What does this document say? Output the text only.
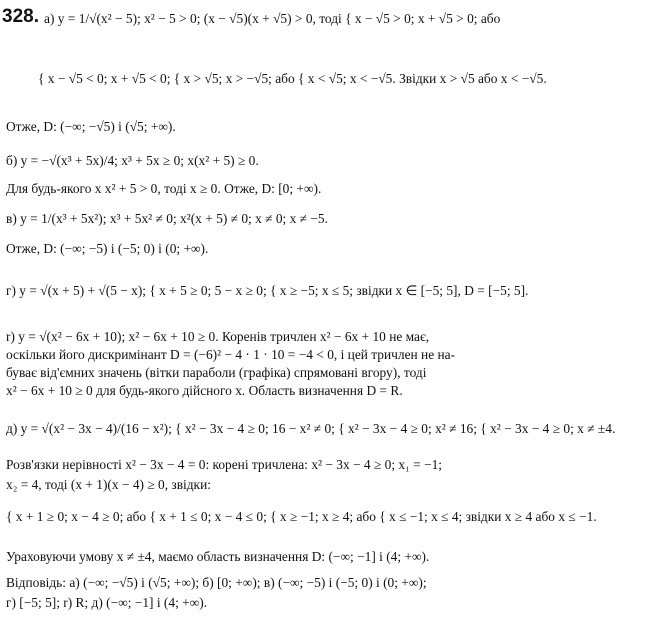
328. а) y = 1/√(x² − 5); x² − 5 > 0; (x − √5)(x + √5) > 0, тоді { x − √5 > 0; x + √5 > 0; або
{ x − √5 < 0; x + √5 < 0; { x > √5; x > −√5; або { x < √5; x < −√5. Звідки x > √5 або x < −√5.
Отже, D: (−∞; −√5) і (√5; +∞).
б) y = −√(x³ + 5x)/4; x³ + 5x ≥ 0; x(x² + 5) ≥ 0.
Для будь-якого x x² + 5 > 0, тоді x ≥ 0. Отже, D: [0; +∞).
в) y = 1/(x³ + 5x²); x³ + 5x² ≠ 0; x²(x + 5) ≠ 0; x ≠ 0; x ≠ −5.
Отже, D: (−∞; −5) і (−5; 0) і (0; +∞).
г) y = √(x + 5) + √(5 − x); { x + 5 ≥ 0; 5 − x ≥ 0; { x ≥ −5; x ≤ 5; звідки x ∈ [−5; 5], D = [−5; 5].
r) y = √(x² − 6x + 10); x² − 6x + 10 ≥ 0. Коренів тричлен x² − 6x + 10 не має,
оскільки його дискримінант D = (−6)² − 4 · 1 · 10 = −4 < 0, і цей тричлен не на-
буває від'ємних значень (вітки параболи (графіка) спрямовані вгору), тоді
x² − 6x + 10 ≥ 0 для будь-якого дійсного x. Область визначення D = R.
д) y = √(x² − 3x − 4)/(16 − x²); { x² − 3x − 4 ≥ 0; 16 − x² ≠ 0; { x² − 3x − 4 ≥ 0; x² ≠ 16; { x² − 3x − 4 ≥ 0; x ≠ ±4.
Розв'язки нерівності x² − 3x − 4 = 0: корені тричлена: x² − 3x − 4 ≥ 0; x₁ = −1;
x₂ = 4, тоді (x + 1)(x − 4) ≥ 0, звідки:
{ x + 1 ≥ 0; x − 4 ≥ 0; або { x + 1 ≤ 0; x − 4 ≤ 0; { x ≥ −1; x ≥ 4; або { x ≤ −1; x ≤ 4; звідки x ≥ 4 або x ≤ −1.
Ураховуючи умову x ≠ ±4, маємо область визначення D: (−∞; −1] і (4; +∞).
Відповідь: а) (−∞; −√5) і (√5; +∞); б) [0; +∞); в) (−∞; −5) і (−5; 0) і (0; +∞);
г) [−5; 5]; r) R; д) (−∞; −1] і (4; +∞).
